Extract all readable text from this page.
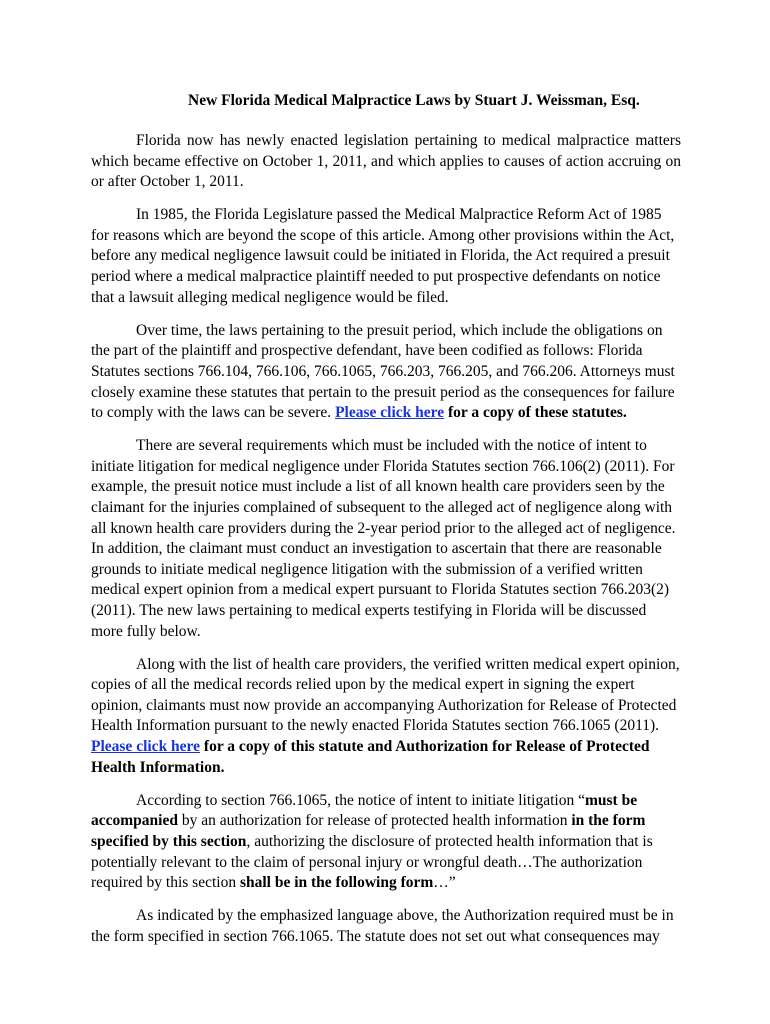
New Florida Medical Malpractice Laws by Stuart J. Weissman, Esq.

Florida now has newly enacted legislation pertaining to medical malpractice matters which became effective on October 1, 2011, and which applies to causes of action accruing on or after October 1, 2011.

In 1985, the Florida Legislature passed the Medical Malpractice Reform Act of 1985 for reasons which are beyond the scope of this article. Among other provisions within the Act, before any medical negligence lawsuit could be initiated in Florida, the Act required a presuit period where a medical malpractice plaintiff needed to put prospective defendants on notice that a lawsuit alleging medical negligence would be filed.

Over time, the laws pertaining to the presuit period, which include the obligations on the part of the plaintiff and prospective defendant, have been codified as follows: Florida Statutes sections 766.104, 766.106, 766.1065, 766.203, 766.205, and 766.206. Attorneys must closely examine these statutes that pertain to the presuit period as the consequences for failure to comply with the laws can be severe. Please click here for a copy of these statutes.

There are several requirements which must be included with the notice of intent to initiate litigation for medical negligence under Florida Statutes section 766.106(2) (2011). For example, the presuit notice must include a list of all known health care providers seen by the claimant for the injuries complained of subsequent to the alleged act of negligence along with all known health care providers during the 2-year period prior to the alleged act of negligence. In addition, the claimant must conduct an investigation to ascertain that there are reasonable grounds to initiate medical negligence litigation with the submission of a verified written medical expert opinion from a medical expert pursuant to Florida Statutes section 766.203(2) (2011). The new laws pertaining to medical experts testifying in Florida will be discussed more fully below.

Along with the list of health care providers, the verified written medical expert opinion, copies of all the medical records relied upon by the medical expert in signing the expert opinion, claimants must now provide an accompanying Authorization for Release of Protected Health Information pursuant to the newly enacted Florida Statutes section 766.1065 (2011). Please click here for a copy of this statute and Authorization for Release of Protected Health Information.

According to section 766.1065, the notice of intent to initiate litigation “must be accompanied by an authorization for release of protected health information in the form specified by this section, authorizing the disclosure of protected health information that is potentially relevant to the claim of personal injury or wrongful death…The authorization required by this section shall be in the following form…”

As indicated by the emphasized language above, the Authorization required must be in the form specified in section 766.1065. The statute does not set out what consequences may
